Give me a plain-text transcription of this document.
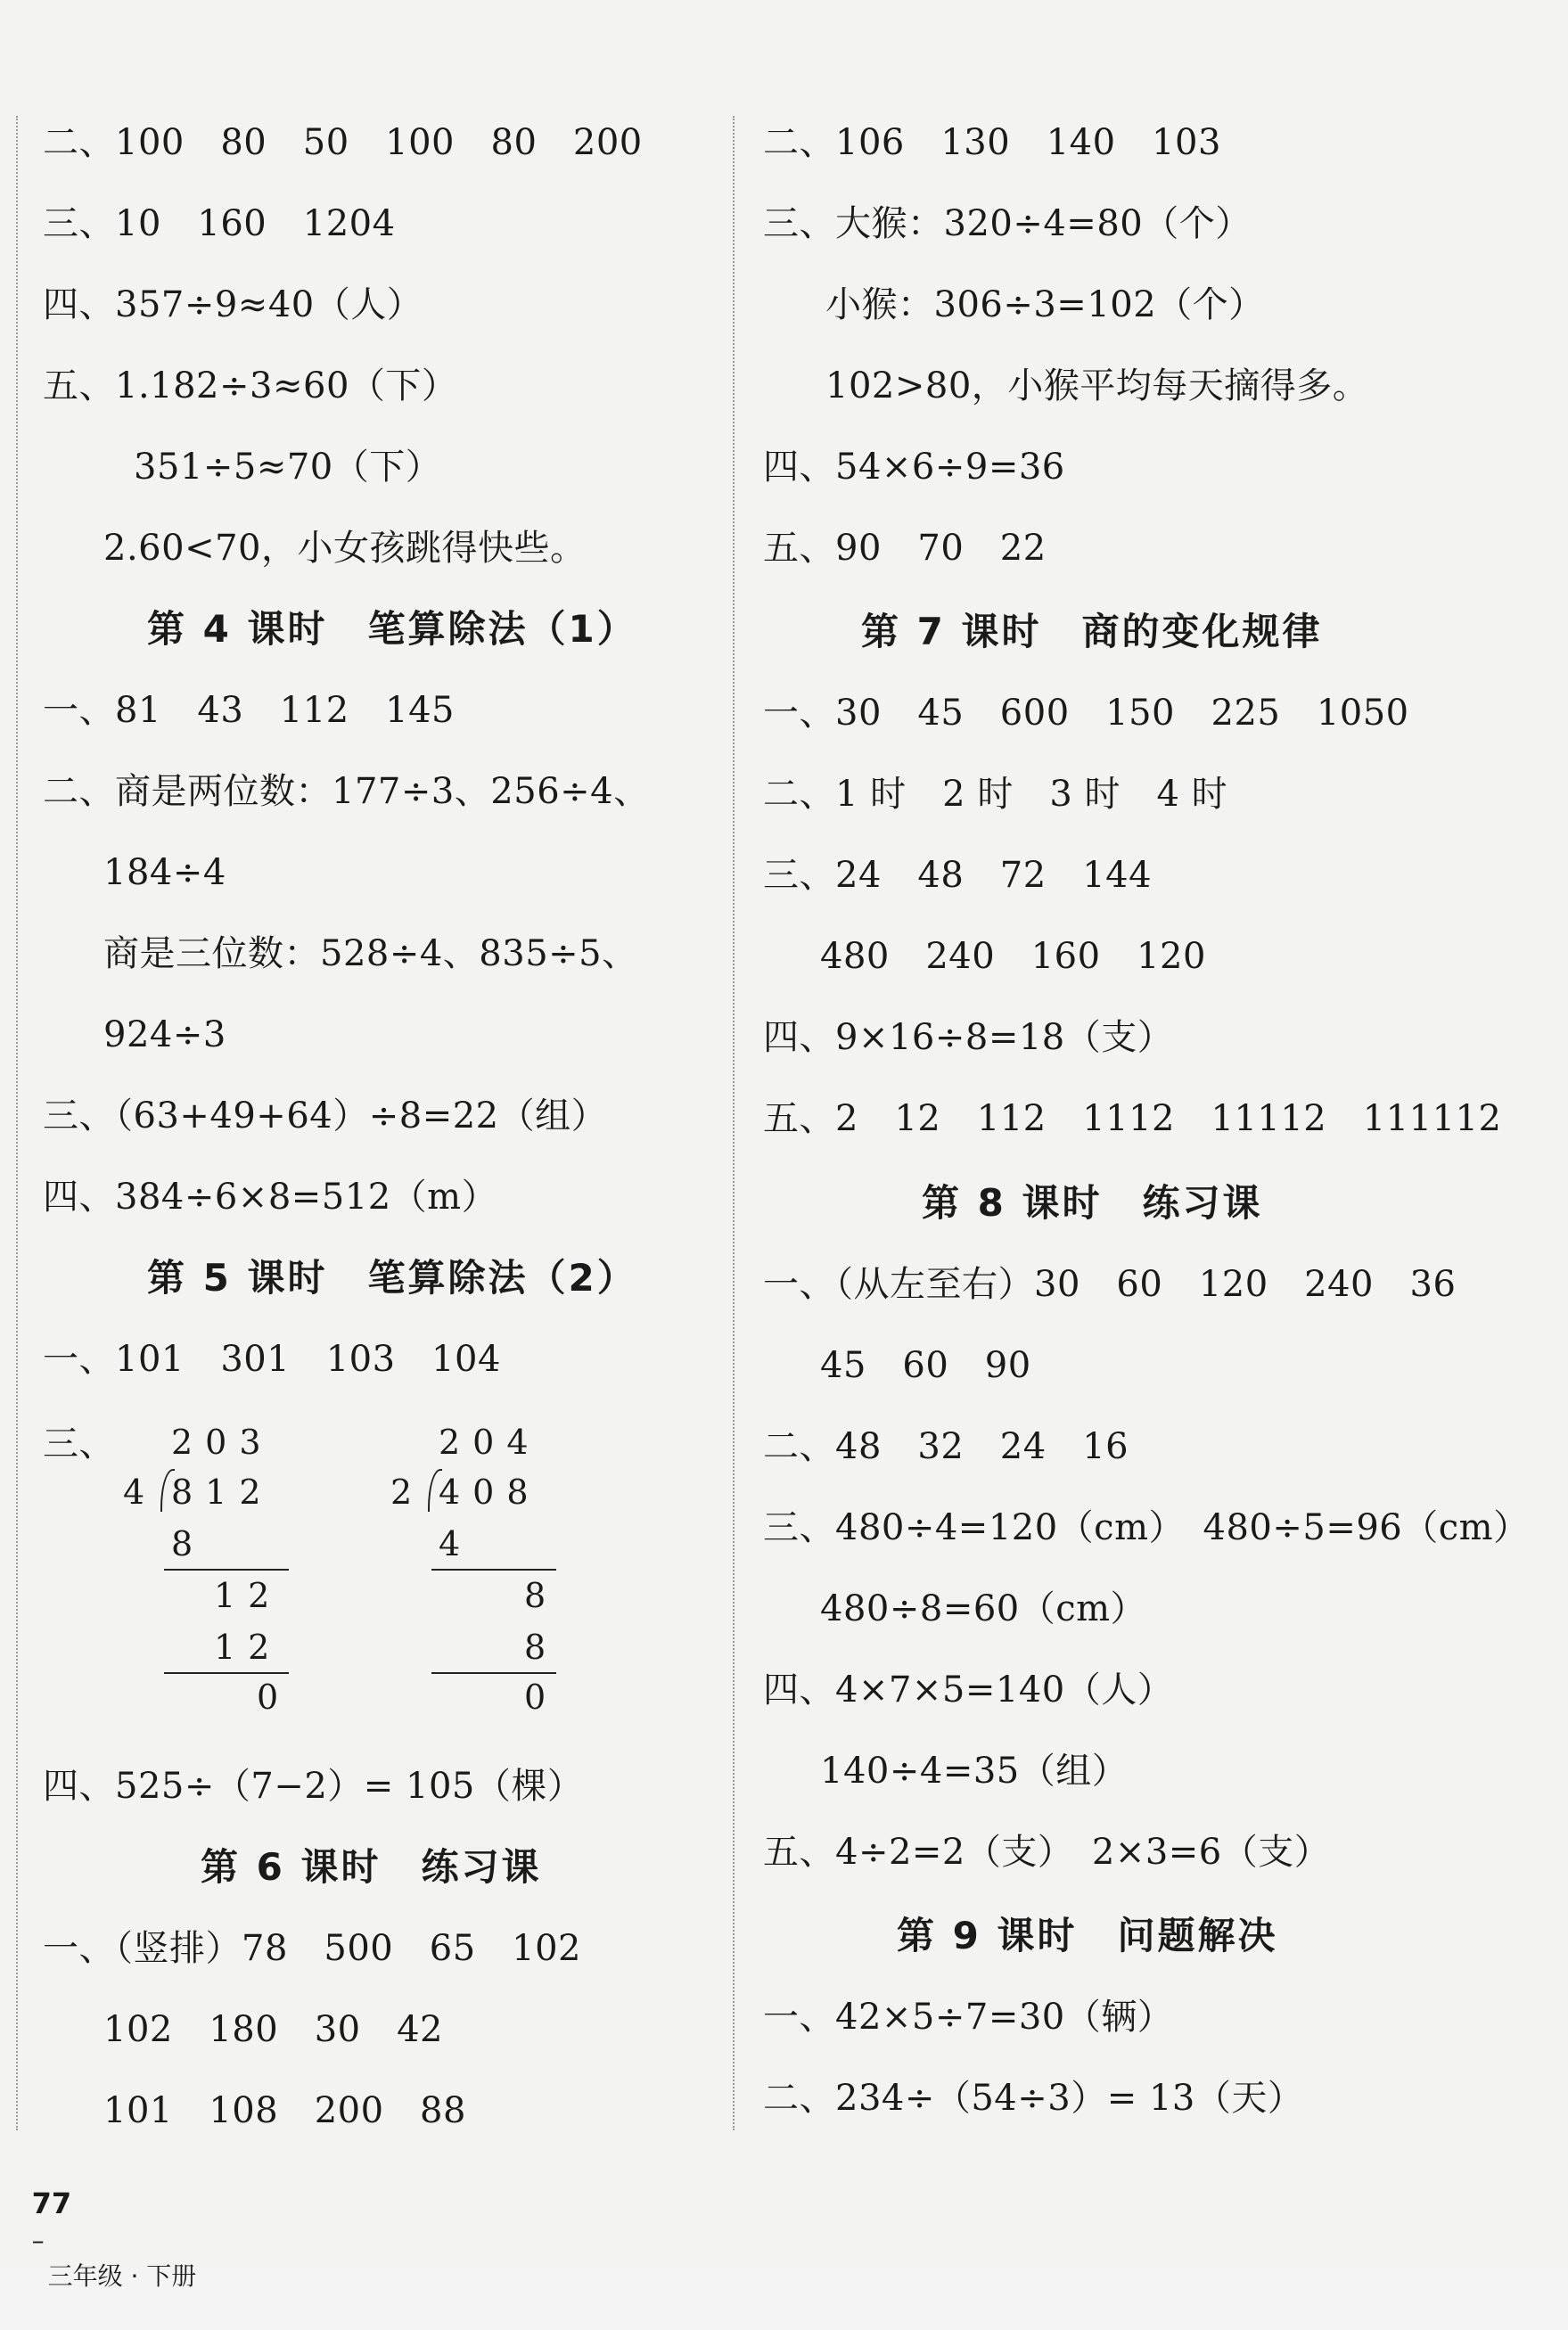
二、100　80　50　100　80　200
三、10　160　1204
四、357÷9≈40（人）
五、1.182÷3≈60（下）
351÷5≈70（下）
2.60<70，小女孩跳得快些。
第 4 课时　笔算除法（1）
一、81　43　112　145
二、商是两位数：177÷3、256÷4、
184÷4
商是三位数：528÷4、835÷5、
924÷3
三、（63+49+64）÷8=22（组）
四、384÷6×8=512（m）
第 5 课时　笔算除法（2）
一、101　301　103　104
三、 203
4 812
8
12
12
0
204
2 408
4
8
8
0
四、525÷（7−2）= 105（棵）
第 6 课时　练习课
一、（竖排）78　500　65　102
102　180　30　42
101　108　200　88
二、106　130　140　103
三、大猴：320÷4=80（个）
小猴：306÷3=102（个）
102>80，小猴平均每天摘得多。
四、54×6÷9=36
五、90　70　22
第 7 课时　商的变化规律
一、30　45　600　150　225　1050
二、1 时　2 时　3 时　4 时
三、24　48　72　144
480　240　160　120
四、9×16÷8=18（支）
五、2　12　112　1112　11112　111112
第 8 课时　练习课
一、（从左至右）30　60　120　240　36
45　60　90
二、48　32　24　16
三、480÷4=120（cm）　480÷5=96（cm）
480÷8=60（cm）
四、4×7×5=140（人）
140÷4=35（组）
五、4÷2=2（支）　2×3=6（支）
第 9 课时　问题解决
一、42×5÷7=30（辆）
二、234÷（54÷3）= 13（天）

77
–
三年级 · 下册
